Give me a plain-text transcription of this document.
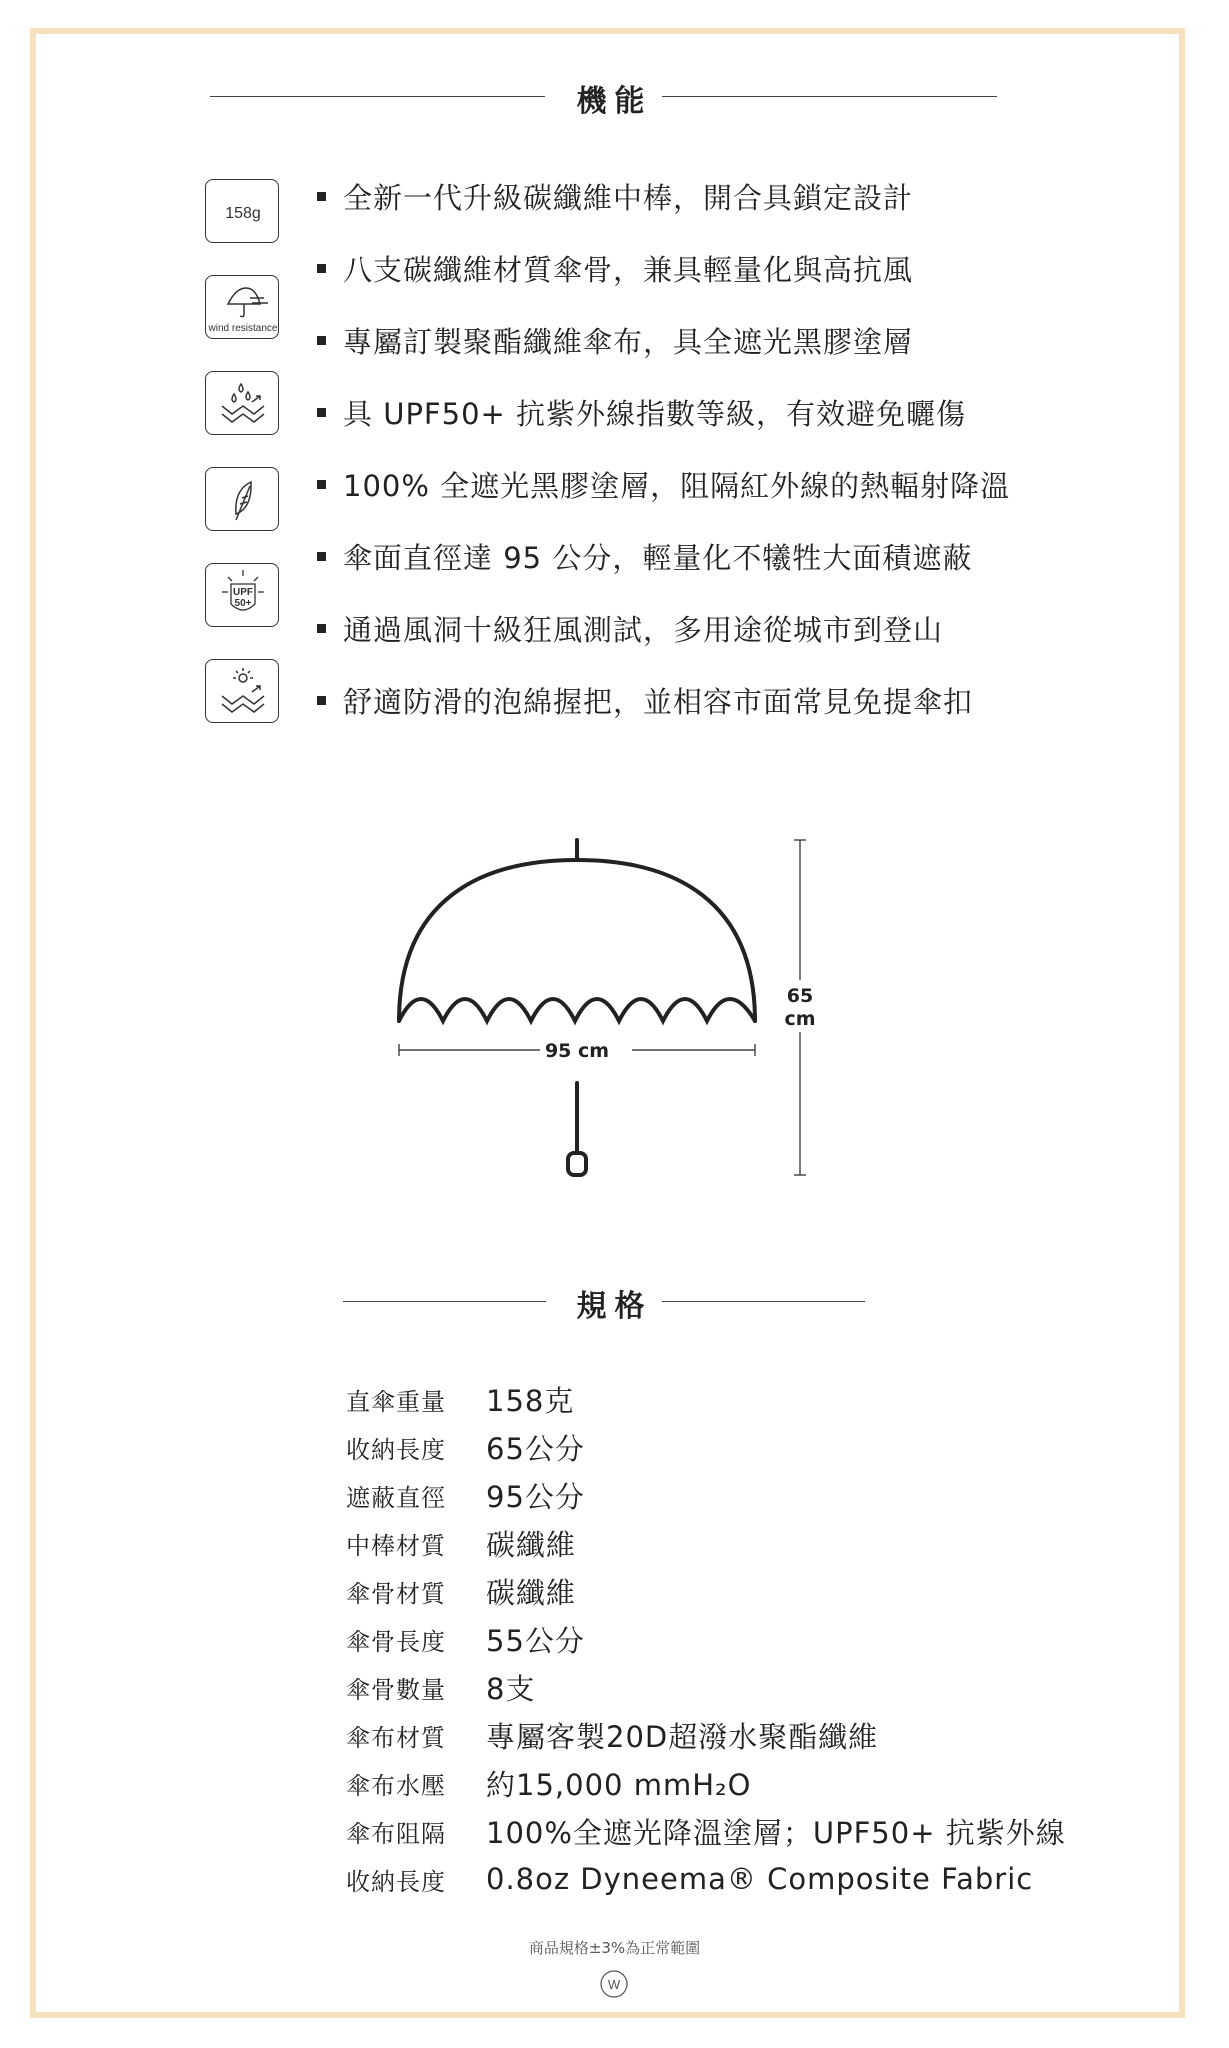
機能
158g
wind resistance
UPF
50+
全新一代升級碳纖維中棒，開合具鎖定設計
八支碳纖維材質傘骨，兼具輕量化與高抗風
專屬訂製聚酯纖維傘布，具全遮光黑膠塗層
具 UPF50+ 抗紫外線指數等級，有效避免曬傷
100% 全遮光黑膠塗層，阻隔紅外線的熱輻射降溫
傘面直徑達 95 公分，輕量化不犧牲大面積遮蔽
通過風洞十級狂風測試，多用途從城市到登山
舒適防滑的泡綿握把，並相容市面常見免提傘扣
95 cm
65
cm
規格
直傘重量	158克
收納長度	65公分
遮蔽直徑	95公分
中棒材質	碳纖維
傘骨材質	碳纖維
傘骨長度	55公分
傘骨數量	8支
傘布材質	專屬客製20D超潑水聚酯纖維
傘布水壓	約15,000 mmH₂O
傘布阻隔	100%全遮光降溫塗層；UPF50+ 抗紫外線
收納長度	0.8oz Dyneema® Composite Fabric
商品規格±3%為正常範圍
W
